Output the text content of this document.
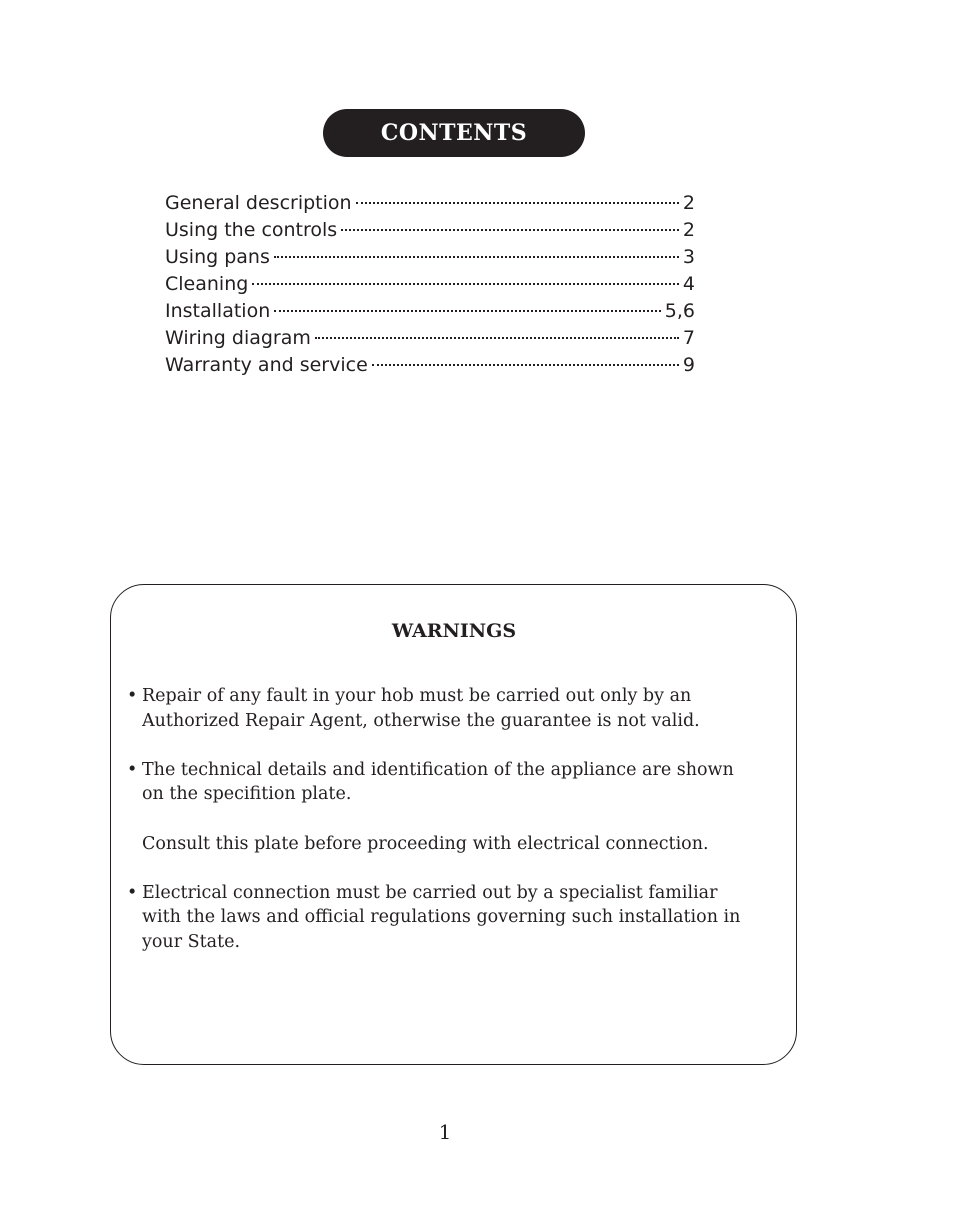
CONTENTS
General description	2
Using the controls	2
Using pans	3
Cleaning	4
Installation	5,6
Wiring diagram	7
Warranty and service	9
WARNINGS
• Repair of any fault in your hob must be carried out only by an Authorized Repair Agent, otherwise the guarantee is not valid.
• The technical details and identification of the appliance are shown on the specifition plate.
Consult this plate before proceeding with electrical connection.
• Electrical connection must be carried out by a specialist familiar with the laws and official regulations governing such installation in your State.
1
